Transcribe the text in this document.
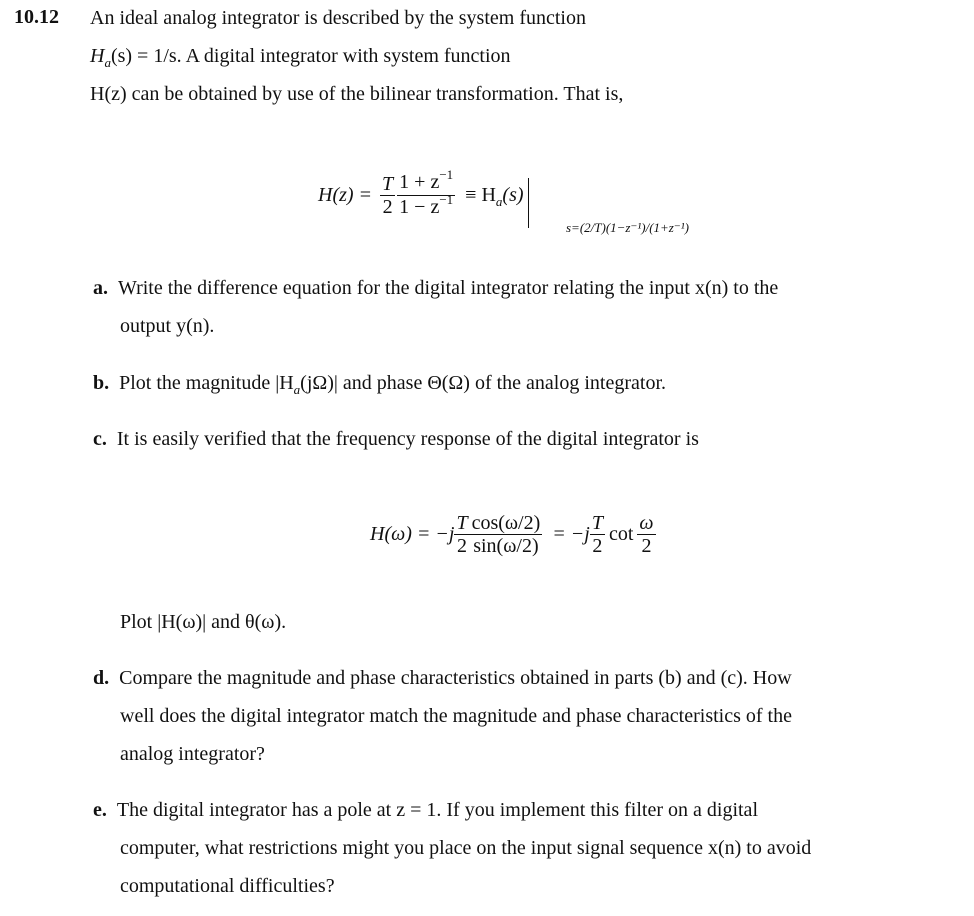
10.12 An ideal analog integrator is described by the system function
$H_a(s) = 1/s$. A digital integrator with system function
H(z) can be obtained by use of the bilinear transformation. That is,
$H(z) = \frac{T}{2} \frac{1 + z^{-1}}{1 - z^{-1}} \equiv H_a(s)$
s=(2/T)(1−z⁻¹)/(1+z⁻¹)
a. Write the difference equation for the digital integrator relating the input x(n) to the
output y(n).
b. Plot the magnitude $|H_a(j\Omega)|$ and phase Θ(Ω) of the analog integrator.
c. It is easily verified that the frequency response of the digital integrator is
$H(\omega) = -j \frac{T}{2} \frac{\cos(\omega/2)}{\sin(\omega/2)} = -j \frac{T}{2}$ $\cot \frac{\omega}{2}$
Plot |H(ω)| and θ(ω).
d. Compare the magnitude and phase characteristics obtained in parts (b) and (c). How
well does the digital integrator match the magnitude and phase characteristics of the
analog integrator?
e. The digital integrator has a pole at z = 1. If you implement this filter on a digital
computer, what restrictions might you place on the input signal sequence x(n) to avoid
computational difficulties?
